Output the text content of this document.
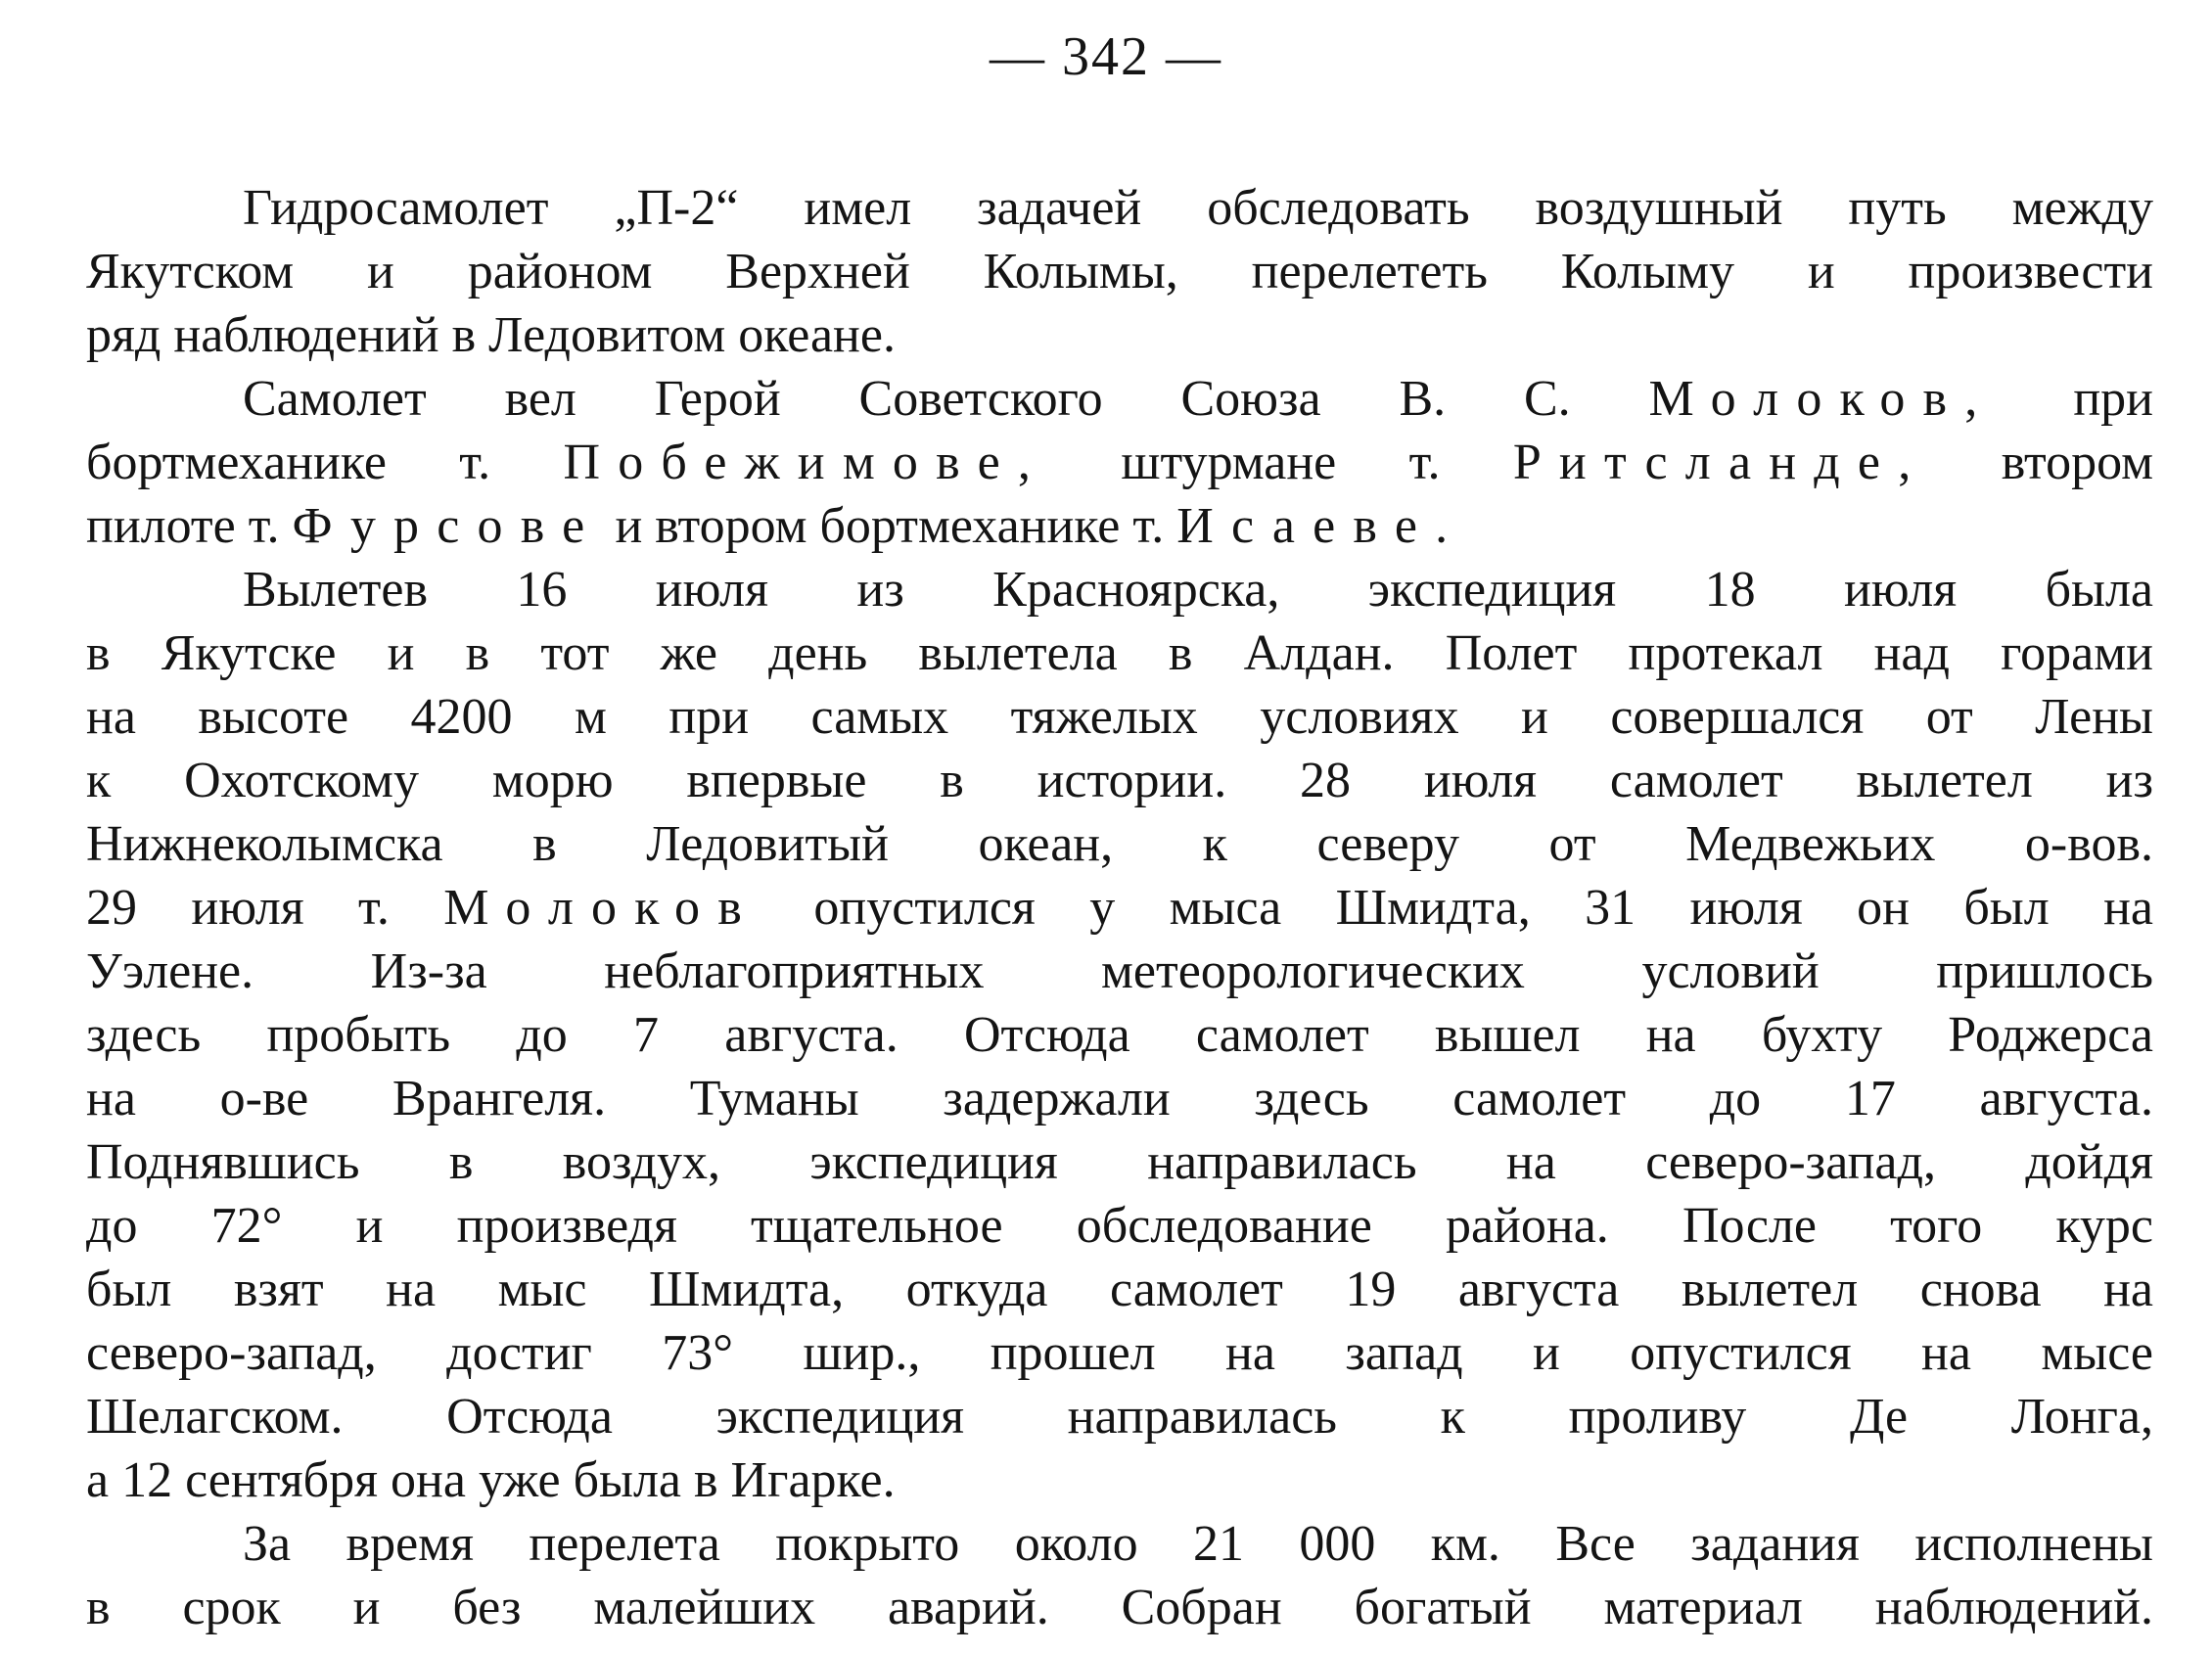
— 342 —
Гидросамолет „П-2“ имел задачей обследовать воздушный путь между
Якутском и районом Верхней Колымы, перелететь Колыму и произвести
ряд наблюдений в Ледовитом океане.
Самолет вел Герой Советского Союза В. С. Молоков, при
бортмеханике т. Побежимове, штурмане т. Ритсланде, втором
пилоте т. Фурсове и втором бортмеханике т. Исаеве.
Вылетев 16 июля из Красноярска, экспедиция 18 июля была
в Якутске и в тот же день вылетела в Алдан. Полет протекал над горами
на высоте 4200 м при самых тяжелых условиях и совершался от Лены
к Охотскому морю впервые в истории. 28 июля самолет вылетел из
Нижнеколымска в Ледовитый океан, к северу от Медвежьих о-вов.
29 июля т. Молоков опустился у мыса Шмидта, 31 июля он был на
Уэлене. Из-за неблагоприятных метеорологических условий пришлось
здесь пробыть до 7 августа. Отсюда самолет вышел на бухту Роджерса
на о-ве Врангеля. Туманы задержали здесь самолет до 17 августа.
Поднявшись в воздух, экспедиция направилась на северо-запад, дойдя
до 72° и произведя тщательное обследование района. После того курс
был взят на мыс Шмидта, откуда самолет 19 августа вылетел снова на
северо-запад, достиг 73° шир., прошел на запад и опустился на мысе
Шелагском. Отсюда экспедиция направилась к проливу Де Лонга,
а 12 сентября она уже была в Игарке.
За время перелета покрыто около 21 000 км. Все задания исполнены
в срок и без малейших аварий. Собран богатый материал наблюдений.
